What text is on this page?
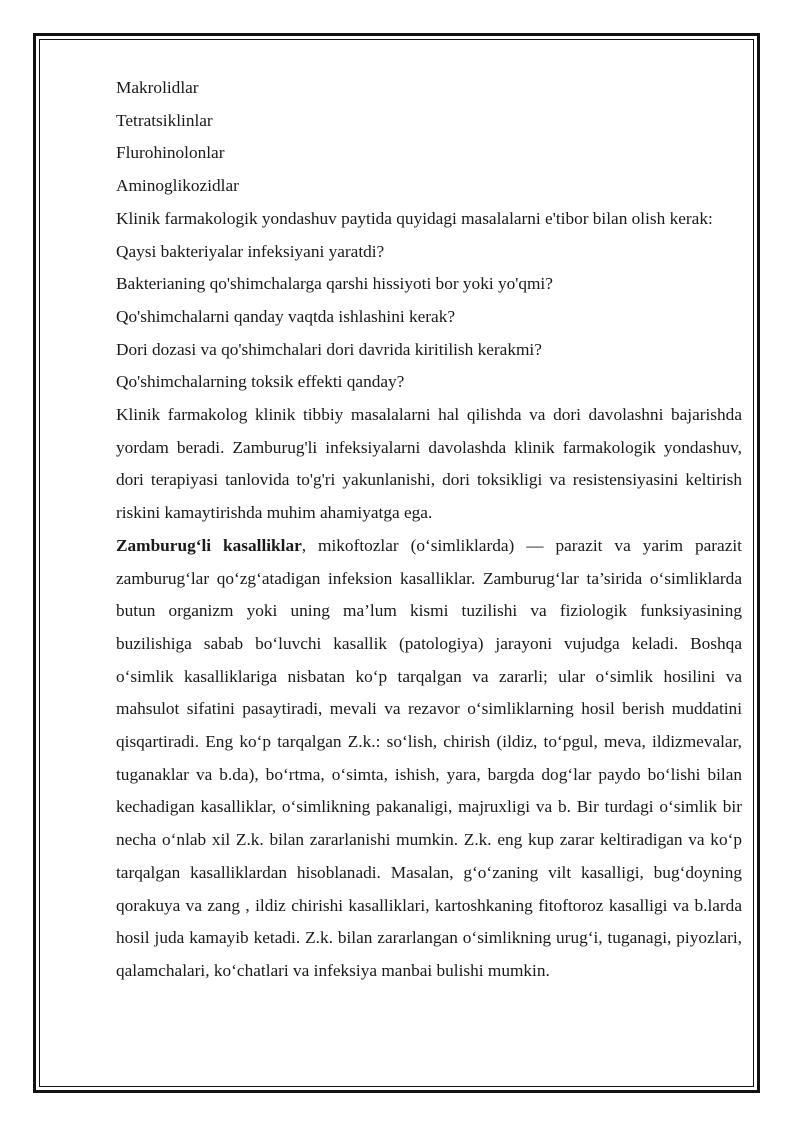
Makrolidlar

Tetratsiklinlar

Flurohinolonlar

Aminoglikozidlar

Klinik farmakologik yondashuv paytida quyidagi masalalarni e'tibor bilan olish kerak:

Qaysi bakteriyalar infeksiyani yaratdi?

Bakterianing qo'shimchalarga qarshi hissiyoti bor yoki yo'qmi?

Qo'shimchalarni qanday vaqtda ishlashini kerak?

Dori dozasi va qo'shimchalari dori davrida kiritilish kerakmi?

Qo'shimchalarning toksik effekti qanday?

Klinik farmakolog klinik tibbiy masalalarni hal qilishda va dori davolashni bajarishda yordam beradi. Zamburug'li infeksiyalarni davolashda klinik farmakologik yondashuv, dori terapiyasi tanlovida to'g'ri yakunlanishi, dori toksikligi va resistensiyasini keltirish riskini kamaytirishda muhim ahamiyatga ega.

Zamburug‘li kasalliklar, mikoftozlar (o‘simliklarda) — parazit va yarim parazit zamburug‘lar qo‘zg‘atadigan infeksion kasalliklar. Zamburug‘lar ta’sirida o‘simliklarda butun organizm yoki uning ma’lum kismi tuzilishi va fiziologik funksiyasining buzilishiga sabab bo‘luvchi kasallik (patologiya) jarayoni vujudga keladi. Boshqa o‘simlik kasalliklariga nisbatan ko‘p tarqalgan va zararli; ular o‘simlik hosilini va mahsulot sifatini pasaytiradi, mevali va rezavor o‘simliklarning hosil berish muddatini qisqartiradi. Eng ko‘p tarqalgan Z.k.: so‘lish, chirish (ildiz, to‘pgul, meva, ildizmevalar, tuganaklar va b.da), bo‘rtma, o‘simta, ishish, yara, bargda dog‘lar paydo bo‘lishi bilan kechadigan kasalliklar, o‘simlikning pakanaligi, majruxligi va b. Bir turdagi o‘simlik bir necha o‘nlab xil Z.k. bilan zararlanishi mumkin. Z.k. eng kup zarar keltiradigan va ko‘p tarqalgan kasalliklardan hisoblanadi. Masalan, g‘o‘zaning vilt kasalligi, bug‘doyning qorakuya va zang , ildiz chirishi kasalliklari, kartoshkaning fitoftoroz kasalligi va b.larda hosil juda kamayib ketadi. Z.k. bilan zararlangan o‘simlikning urug‘i, tuganagi, piyozlari, qalamchalari, ko‘chatlari va infeksiya manbai bulishi mumkin.
